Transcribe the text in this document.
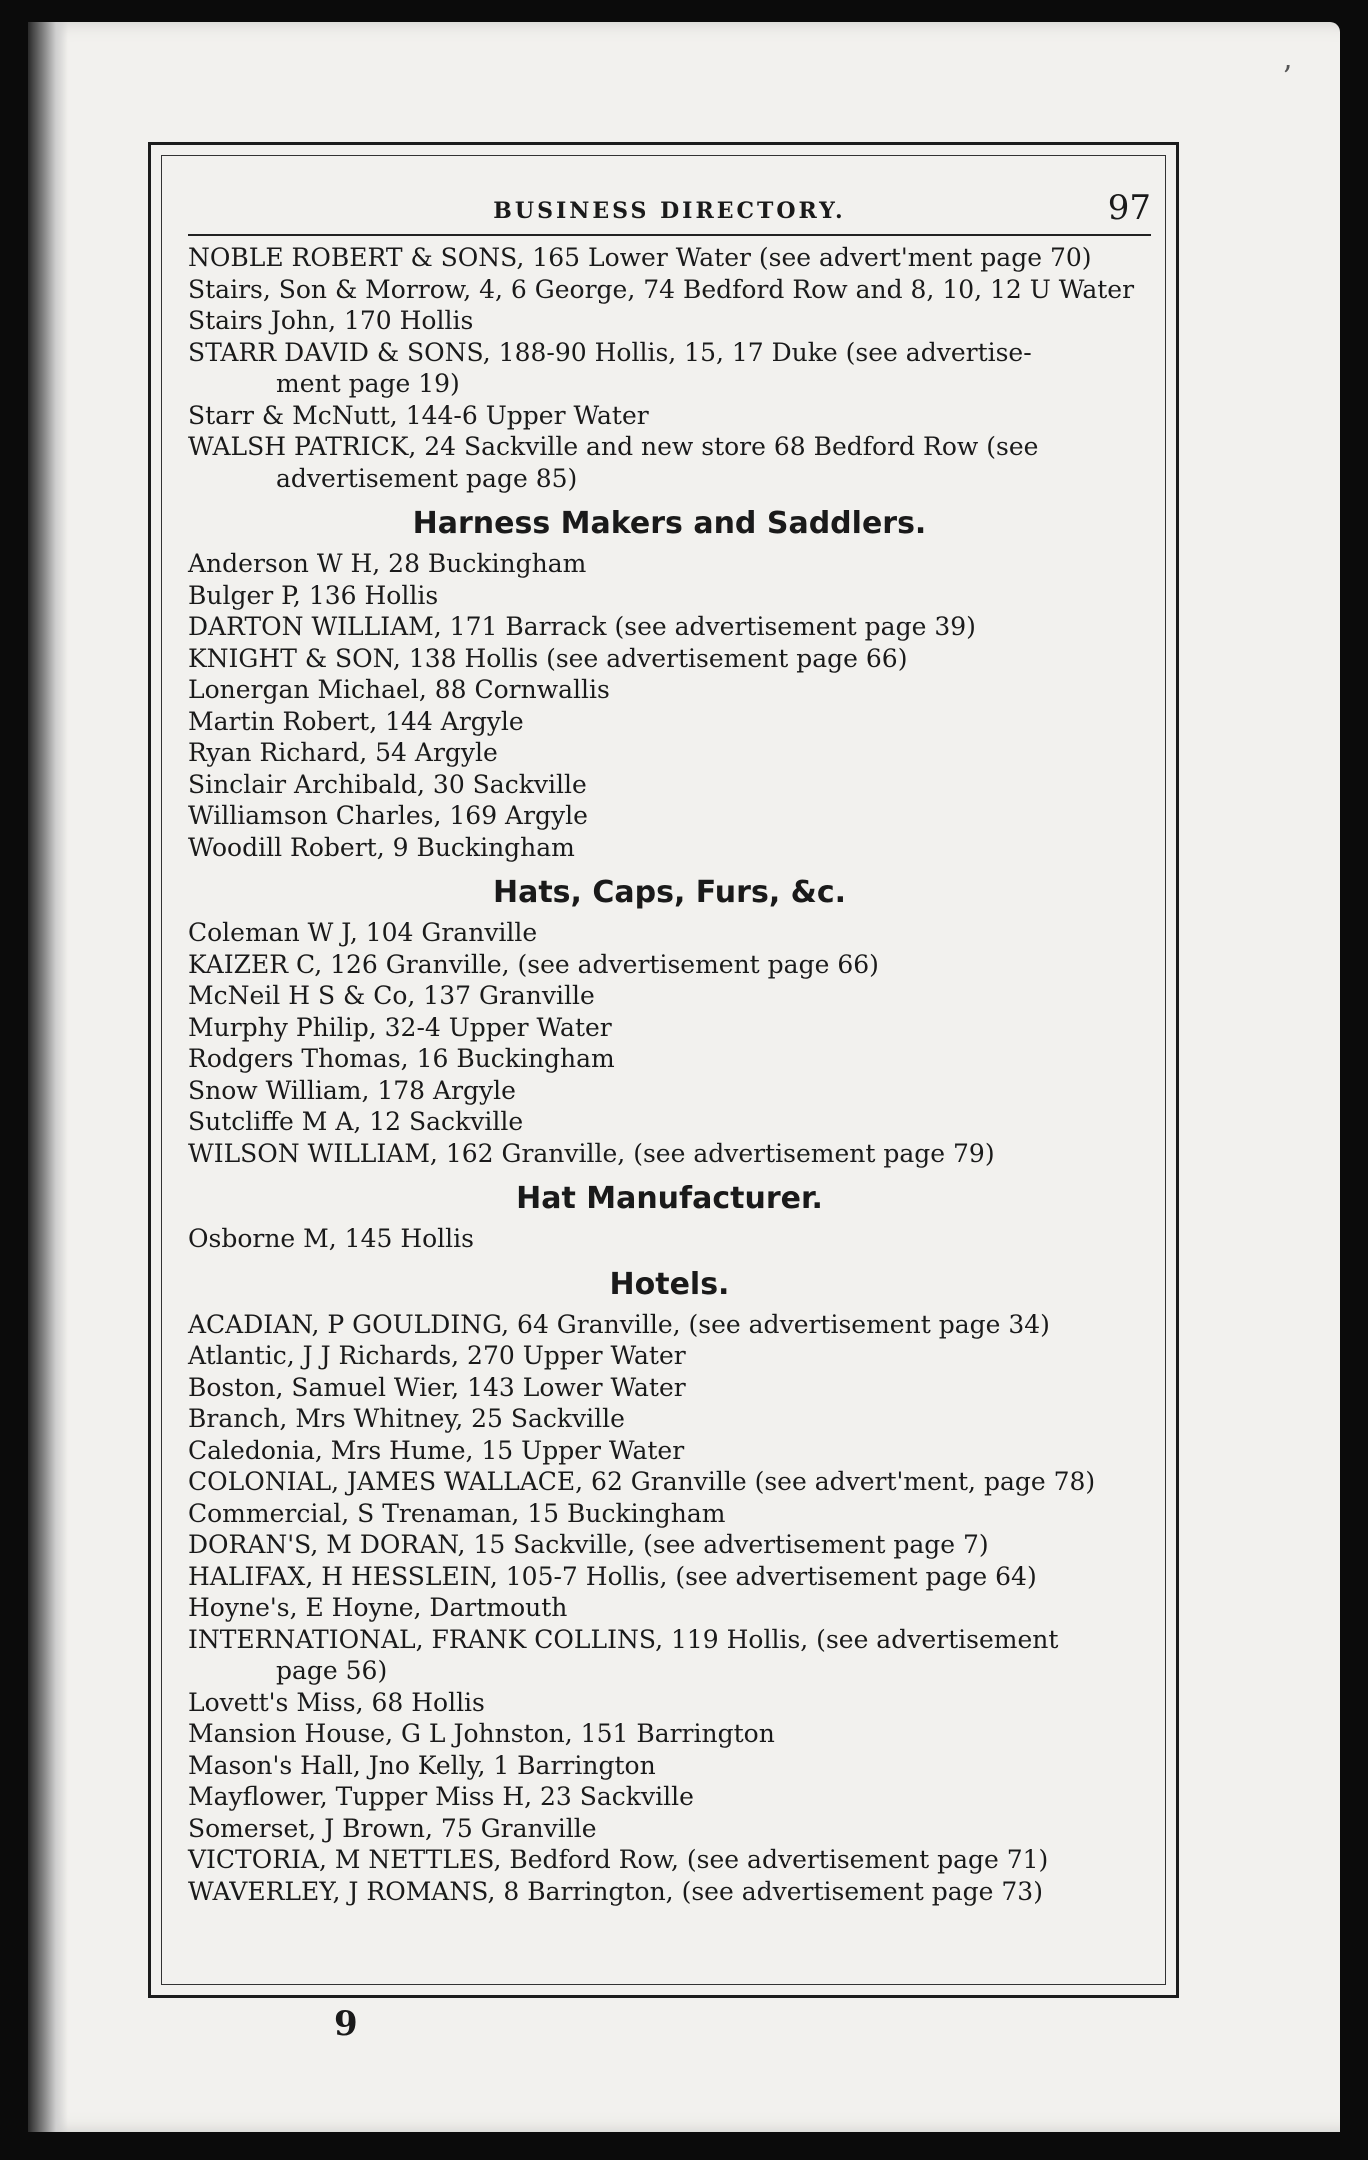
’
BUSINESS DIRECTORY.	97
NOBLE ROBERT & SONS, 165 Lower Water (see advert'ment page 70)
Stairs, Son & Morrow, 4, 6 George, 74 Bedford Row and 8, 10, 12 U Water
Stairs John, 170 Hollis
STARR DAVID & SONS, 188-90 Hollis, 15, 17 Duke (see advertise-
ment page 19)
Starr & McNutt, 144-6 Upper Water
WALSH PATRICK, 24 Sackville and new store 68 Bedford Row (see
advertisement page 85)
Harness Makers and Saddlers.
Anderson W H, 28 Buckingham
Bulger P, 136 Hollis
DARTON WILLIAM, 171 Barrack (see advertisement page 39)
KNIGHT & SON, 138 Hollis (see advertisement page 66)
Lonergan Michael, 88 Cornwallis
Martin Robert, 144 Argyle
Ryan Richard, 54 Argyle
Sinclair Archibald, 30 Sackville
Williamson Charles, 169 Argyle
Woodill Robert, 9 Buckingham
Hats, Caps, Furs, &c.
Coleman W J, 104 Granville
KAIZER C, 126 Granville, (see advertisement page 66)
McNeil H S & Co, 137 Granville
Murphy Philip, 32-4 Upper Water
Rodgers Thomas, 16 Buckingham
Snow William, 178 Argyle
Sutcliffe M A, 12 Sackville
WILSON WILLIAM, 162 Granville, (see advertisement page 79)
Hat Manufacturer.
Osborne M, 145 Hollis
Hotels.
ACADIAN, P GOULDING, 64 Granville, (see advertisement page 34)
Atlantic, J J Richards, 270 Upper Water
Boston, Samuel Wier, 143 Lower Water
Branch, Mrs Whitney, 25 Sackville
Caledonia, Mrs Hume, 15 Upper Water
COLONIAL, JAMES WALLACE, 62 Granville (see advert'ment, page 78)
Commercial, S Trenaman, 15 Buckingham
DORAN'S, M DORAN, 15 Sackville, (see advertisement page 7)
HALIFAX, H HESSLEIN, 105-7 Hollis, (see advertisement page 64)
Hoyne's, E Hoyne, Dartmouth
INTERNATIONAL, FRANK COLLINS, 119 Hollis, (see advertisement
page 56)
Lovett's Miss, 68 Hollis
Mansion House, G L Johnston, 151 Barrington
Mason's Hall, Jno Kelly, 1 Barrington
Mayflower, Tupper Miss H, 23 Sackville
Somerset, J Brown, 75 Granville
VICTORIA, M NETTLES, Bedford Row, (see advertisement page 71)
WAVERLEY, J ROMANS, 8 Barrington, (see advertisement page 73)
9
